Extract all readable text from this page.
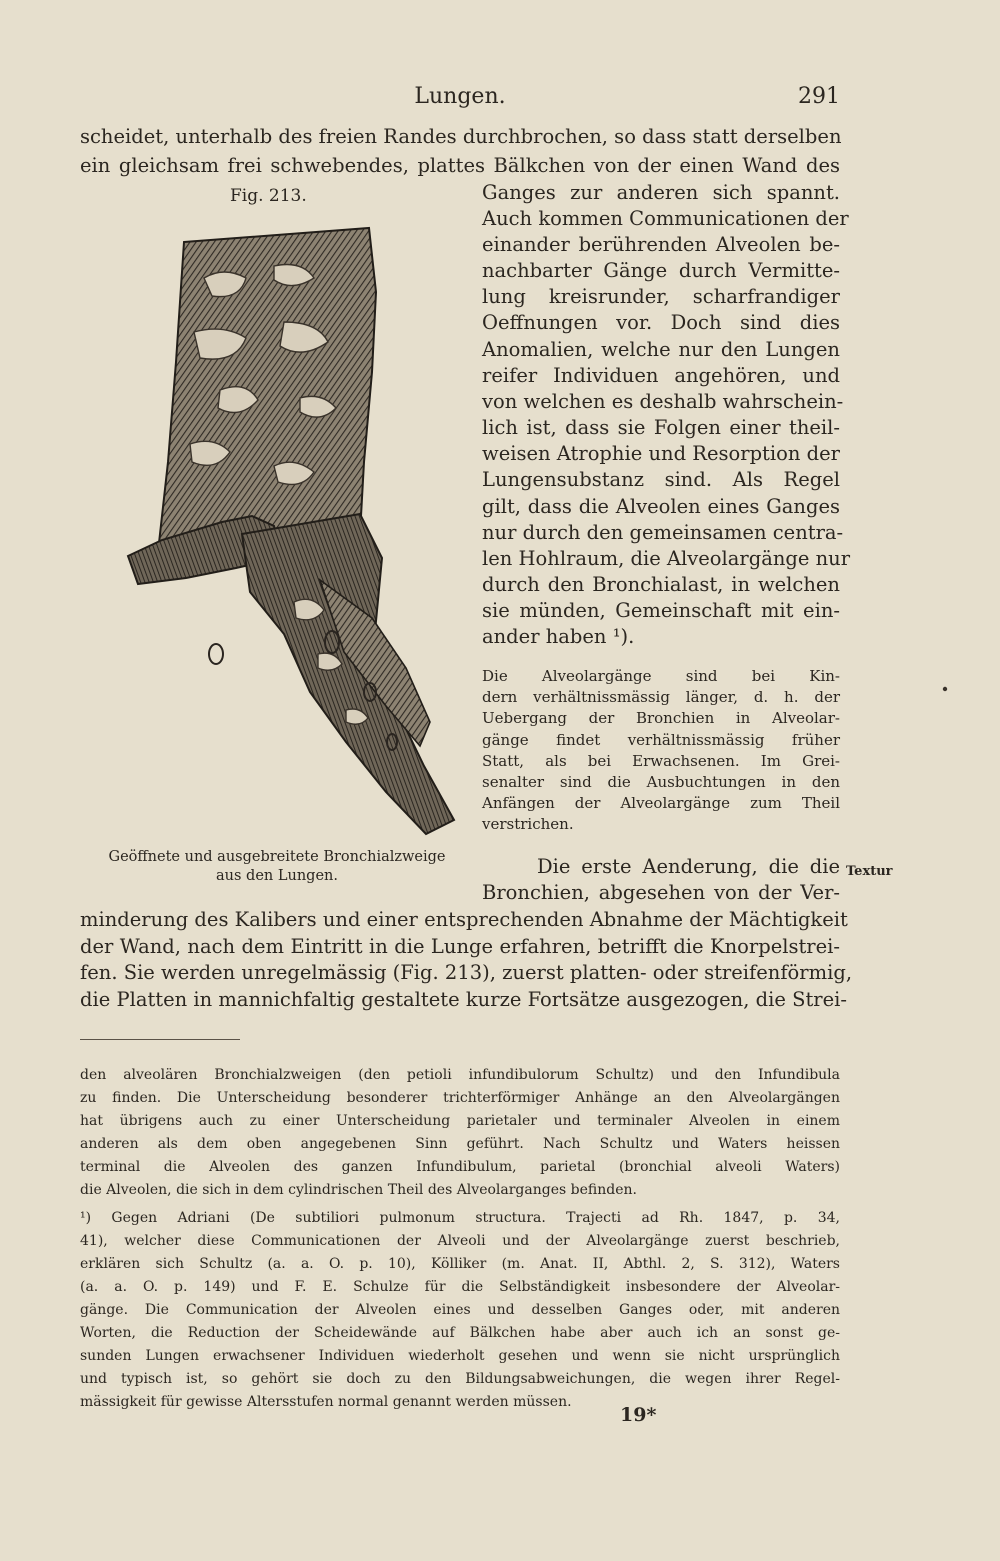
Lungen.	291
scheidet, unterhalb des freien Randes durchbrochen, so dass statt derselben
ein gleichsam frei schwebendes, plattes Bälkchen von der einen Wand des
Fig. 213.
Geöffnete und ausgebreitete Bronchialzweige
aus den Lungen.
Ganges zur anderen sich spannt.
Auch kommen Communicationen der
einander berührenden Alveolen be-
nachbarter Gänge durch Vermitte-
lung kreisrunder, scharfrandiger
Oeffnungen vor. Doch sind dies
Anomalien, welche nur den Lungen
reifer Individuen angehören, und
von welchen es deshalb wahrschein-
lich ist, dass sie Folgen einer theil-
weisen Atrophie und Resorption der
Lungensubstanz sind. Als Regel
gilt, dass die Alveolen eines Ganges
nur durch den gemeinsamen centra-
len Hohlraum, die Alveolargänge nur
durch den Bronchialast, in welchen
sie münden, Gemeinschaft mit ein-
ander haben ¹).
Die Alveolargänge sind bei Kin-
dern verhältnissmässig länger, d. h. der
Uebergang der Bronchien in Alveolar-
gänge findet verhältnissmässig früher
Statt, als bei Erwachsenen. Im Grei-
senalter sind die Ausbuchtungen in den
Anfängen der Alveolargänge zum Theil
verstrichen.
Textur
Die erste Aenderung, die die
Bronchien, abgesehen von der Ver-
minderung des Kalibers und einer entsprechenden Abnahme der Mächtigkeit
der Wand, nach dem Eintritt in die Lunge erfahren, betrifft die Knorpelstrei-
fen. Sie werden unregelmässig (Fig. 213), zuerst platten- oder streifenförmig,
die Platten in mannichfaltig gestaltete kurze Fortsätze ausgezogen, die Strei-
den alveolären Bronchialzweigen (den petioli infundibulorum Schultz) und den Infundibula
zu finden. Die Unterscheidung besonderer trichterförmiger Anhänge an den Alveolargängen
hat übrigens auch zu einer Unterscheidung parietaler und terminaler Alveolen in einem
anderen als dem oben angegebenen Sinn geführt. Nach Schultz und Waters heissen
terminal die Alveolen des ganzen Infundibulum, parietal (bronchial alveoli Waters)
die Alveolen, die sich in dem cylindrischen Theil des Alveolarganges befinden.
¹) Gegen Adriani (De subtiliori pulmonum structura. Trajecti ad Rh. 1847, p. 34,
41), welcher diese Communicationen der Alveoli und der Alveolargänge zuerst beschrieb,
erklären sich Schultz (a. a. O. p. 10), Kölliker (m. Anat. II, Abthl. 2, S. 312), Waters
(a. a. O. p. 149) und F. E. Schulze für die Selbständigkeit insbesondere der Alveolar-
gänge. Die Communication der Alveolen eines und desselben Ganges oder, mit anderen
Worten, die Reduction der Scheidewände auf Bälkchen habe aber auch ich an sonst ge-
sunden Lungen erwachsener Individuen wiederholt gesehen und wenn sie nicht ursprünglich
und typisch ist, so gehört sie doch zu den Bildungsabweichungen, die wegen ihrer Regel-
mässigkeit für gewisse Altersstufen normal genannt werden müssen.
19*
